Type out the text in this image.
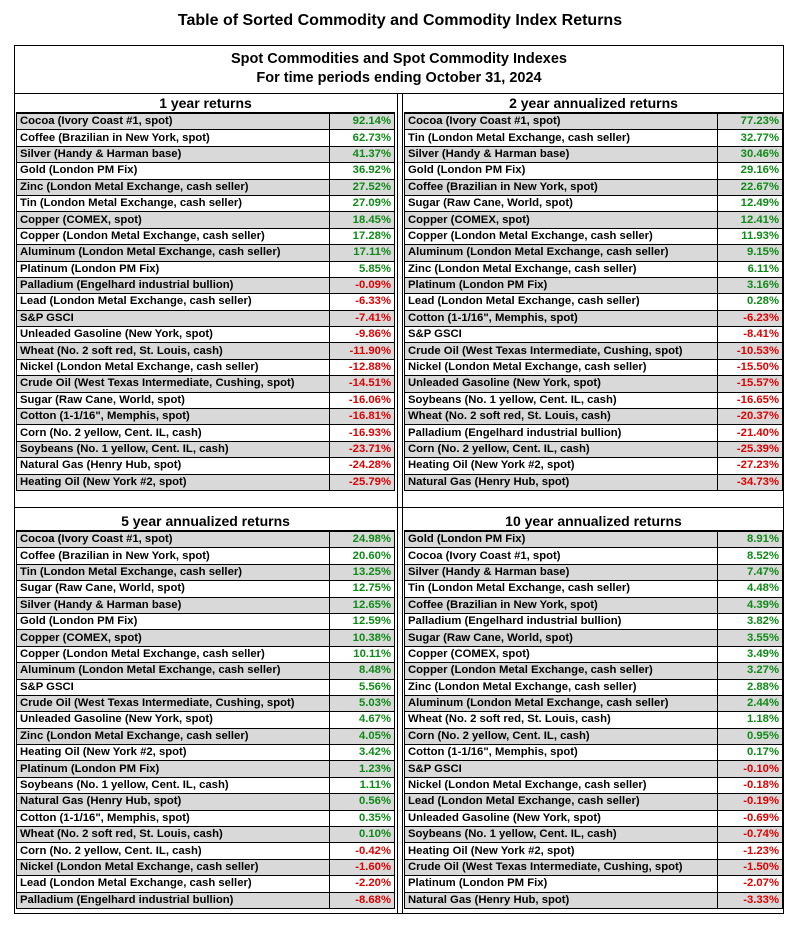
Table of Sorted Commodity and Commodity Index Returns
Spot Commodities and Spot Commodity Indexes
For time periods ending October 31, 2024
1 year returns
Cocoa (Ivory Coast #1, spot)	92.14%
Coffee (Brazilian in New York, spot)	62.73%
Silver (Handy & Harman base)	41.37%
Gold (London PM Fix)	36.92%
Zinc (London Metal Exchange, cash seller)	27.52%
Tin (London Metal Exchange, cash seller)	27.09%
Copper (COMEX, spot)	18.45%
Copper (London Metal Exchange, cash seller)	17.28%
Aluminum (London Metal Exchange, cash seller)	17.11%
Platinum (London PM Fix)	5.85%
Palladium (Engelhard industrial bullion)	-0.09%
Lead (London Metal Exchange, cash seller)	-6.33%
S&P GSCI	-7.41%
Unleaded Gasoline (New York, spot)	-9.86%
Wheat (No. 2 soft red, St. Louis, cash)	-11.90%
Nickel (London Metal Exchange, cash seller)	-12.88%
Crude Oil (West Texas Intermediate, Cushing, spot)	-14.51%
Sugar (Raw Cane, World, spot)	-16.06%
Cotton (1-1/16", Memphis, spot)	-16.81%
Corn (No. 2 yellow, Cent. IL, cash)	-16.93%
Soybeans (No. 1 yellow, Cent. IL, cash)	-23.71%
Natural Gas (Henry Hub, spot)	-24.28%
Heating Oil (New York #2, spot)	-25.79%
2 year annualized returns
Cocoa (Ivory Coast #1, spot)	77.23%
Tin (London Metal Exchange, cash seller)	32.77%
Silver (Handy & Harman base)	30.46%
Gold (London PM Fix)	29.16%
Coffee (Brazilian in New York, spot)	22.67%
Sugar (Raw Cane, World, spot)	12.49%
Copper (COMEX, spot)	12.41%
Copper (London Metal Exchange, cash seller)	11.93%
Aluminum (London Metal Exchange, cash seller)	9.15%
Zinc (London Metal Exchange, cash seller)	6.11%
Platinum (London PM Fix)	3.16%
Lead (London Metal Exchange, cash seller)	0.28%
Cotton (1-1/16", Memphis, spot)	-6.23%
S&P GSCI	-8.41%
Crude Oil (West Texas Intermediate, Cushing, spot)	-10.53%
Nickel (London Metal Exchange, cash seller)	-15.50%
Unleaded Gasoline (New York, spot)	-15.57%
Soybeans (No. 1 yellow, Cent. IL, cash)	-16.65%
Wheat (No. 2 soft red, St. Louis, cash)	-20.37%
Palladium (Engelhard industrial bullion)	-21.40%
Corn (No. 2 yellow, Cent. IL, cash)	-25.39%
Heating Oil (New York #2, spot)	-27.23%
Natural Gas (Henry Hub, spot)	-34.73%
5 year annualized returns
Cocoa (Ivory Coast #1, spot)	24.98%
Coffee (Brazilian in New York, spot)	20.60%
Tin (London Metal Exchange, cash seller)	13.25%
Sugar (Raw Cane, World, spot)	12.75%
Silver (Handy & Harman base)	12.65%
Gold (London PM Fix)	12.59%
Copper (COMEX, spot)	10.38%
Copper (London Metal Exchange, cash seller)	10.11%
Aluminum (London Metal Exchange, cash seller)	8.48%
S&P GSCI	5.56%
Crude Oil (West Texas Intermediate, Cushing, spot)	5.03%
Unleaded Gasoline (New York, spot)	4.67%
Zinc (London Metal Exchange, cash seller)	4.05%
Heating Oil (New York #2, spot)	3.42%
Platinum (London PM Fix)	1.23%
Soybeans (No. 1 yellow, Cent. IL, cash)	1.11%
Natural Gas (Henry Hub, spot)	0.56%
Cotton (1-1/16", Memphis, spot)	0.35%
Wheat (No. 2 soft red, St. Louis, cash)	0.10%
Corn (No. 2 yellow, Cent. IL, cash)	-0.42%
Nickel (London Metal Exchange, cash seller)	-1.60%
Lead (London Metal Exchange, cash seller)	-2.20%
Palladium (Engelhard industrial bullion)	-8.68%
10 year annualized returns
Gold (London PM Fix)	8.91%
Cocoa (Ivory Coast #1, spot)	8.52%
Silver (Handy & Harman base)	7.47%
Tin (London Metal Exchange, cash seller)	4.48%
Coffee (Brazilian in New York, spot)	4.39%
Palladium (Engelhard industrial bullion)	3.82%
Sugar (Raw Cane, World, spot)	3.55%
Copper (COMEX, spot)	3.49%
Copper (London Metal Exchange, cash seller)	3.27%
Zinc (London Metal Exchange, cash seller)	2.88%
Aluminum (London Metal Exchange, cash seller)	2.44%
Wheat (No. 2 soft red, St. Louis, cash)	1.18%
Corn (No. 2 yellow, Cent. IL, cash)	0.95%
Cotton (1-1/16", Memphis, spot)	0.17%
S&P GSCI	-0.10%
Nickel (London Metal Exchange, cash seller)	-0.18%
Lead (London Metal Exchange, cash seller)	-0.19%
Unleaded Gasoline (New York, spot)	-0.69%
Soybeans (No. 1 yellow, Cent. IL, cash)	-0.74%
Heating Oil (New York #2, spot)	-1.23%
Crude Oil (West Texas Intermediate, Cushing, spot)	-1.50%
Platinum (London PM Fix)	-2.07%
Natural Gas (Henry Hub, spot)	-3.33%
